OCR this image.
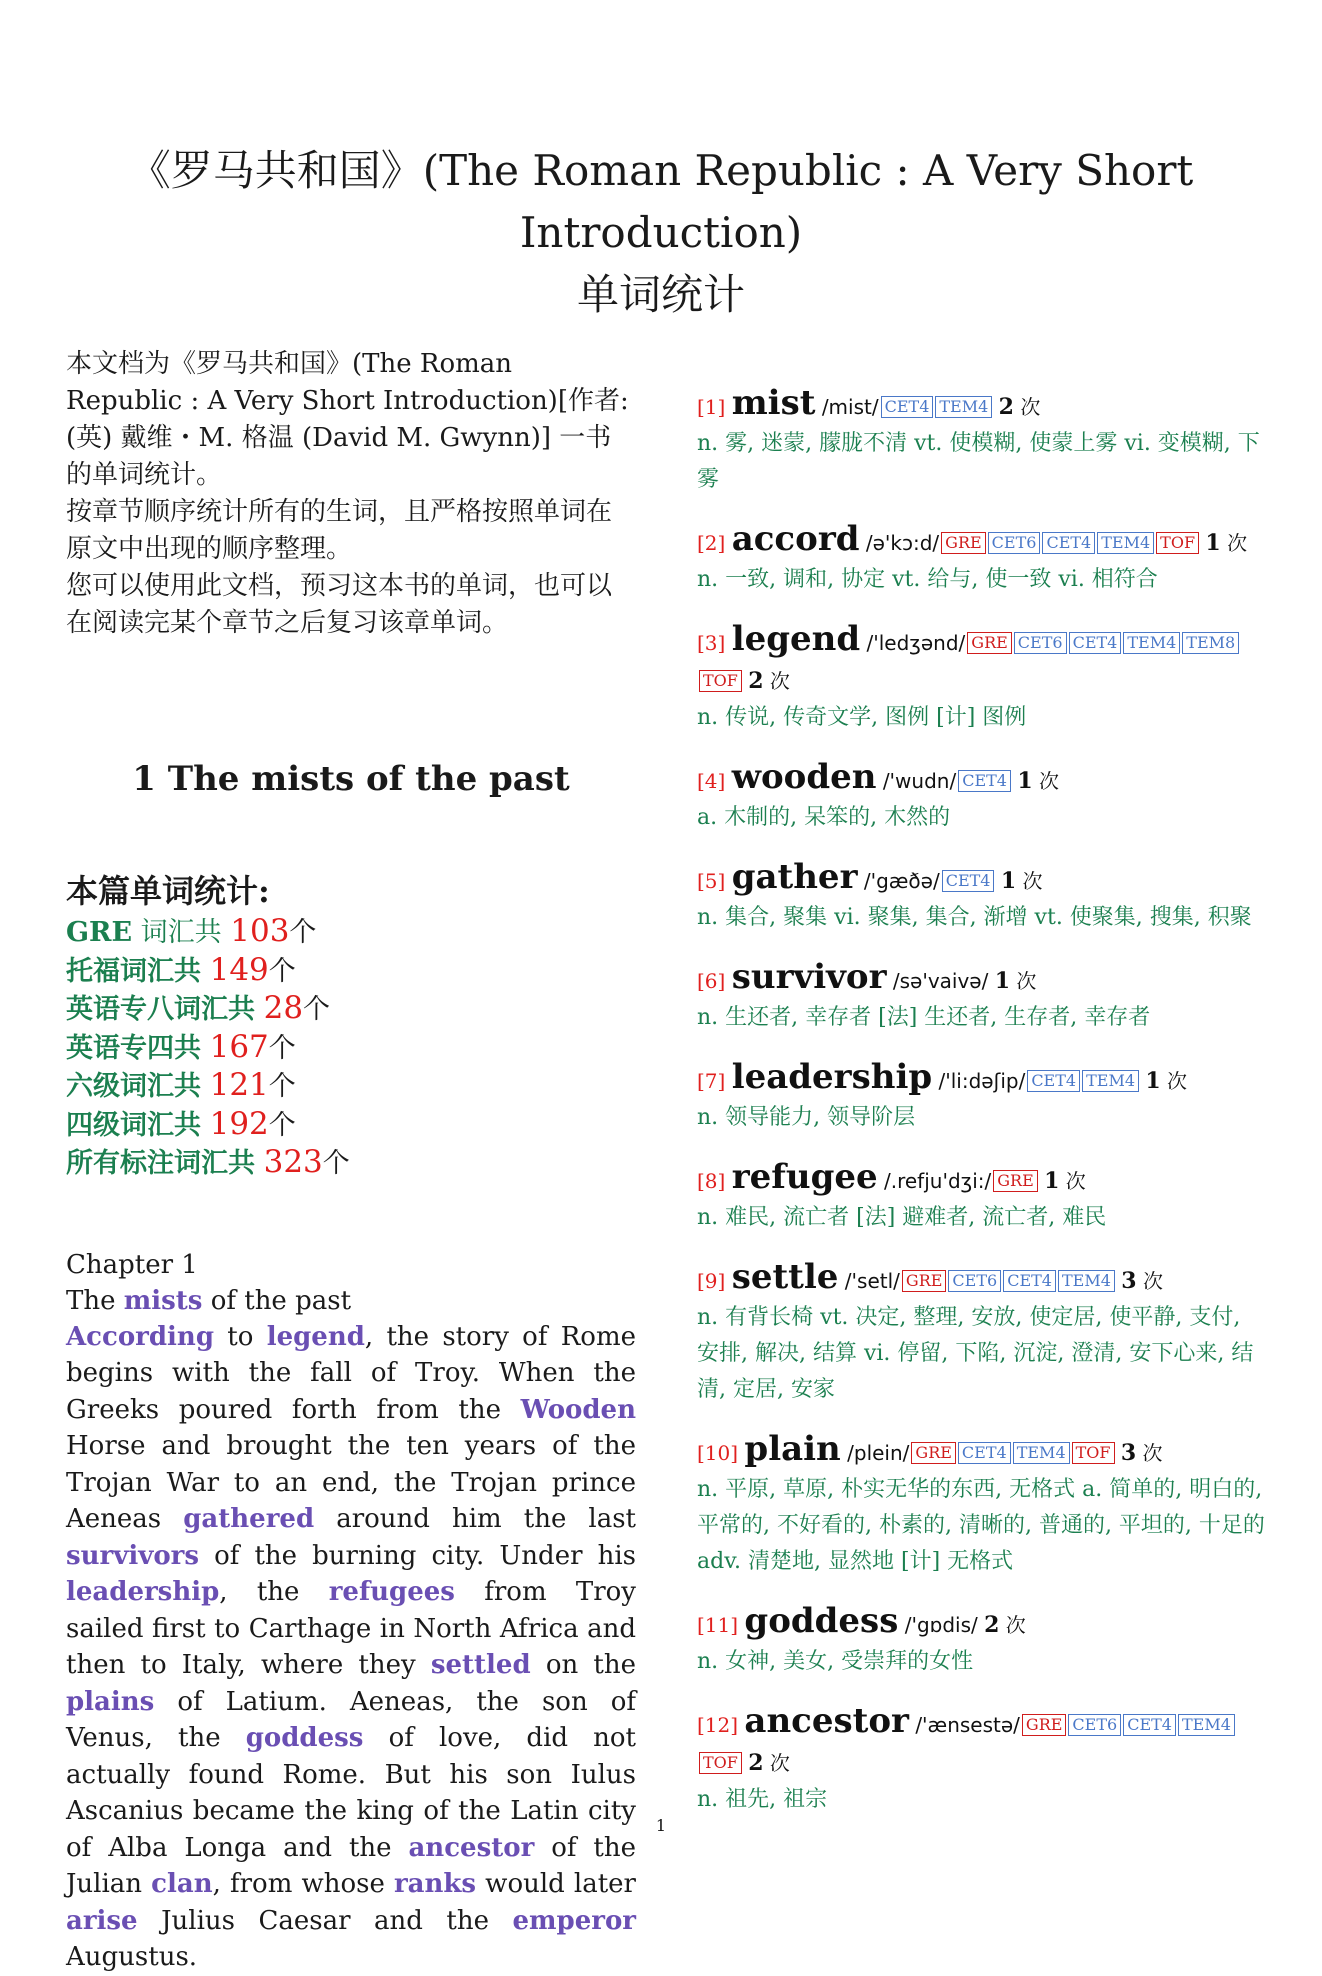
《罗马共和国》(The Roman Republic : A Very Short Introduction)
单词统计

本文档为《罗马共和国》(The Roman Republic : A Very Short Introduction)[作者: (英) 戴维・M. 格温 (David M. Gwynn)] 一书的单词统计。

按章节顺序统计所有的生词，且严格按照单词在原文中出现的顺序整理。

您可以使用此文档，预习这本书的单词，也可以在阅读完某个章节之后复习该章单词。

1 The mists of the past
本篇单词统计:
GRE 词汇共 103个
托福词汇共 149个
英语专八词汇共 28个
英语专四共 167个
六级词汇共 121个
四级词汇共 192个
所有标注词汇共 323个
Chapter 1
The mists of the past

According to legend, the story of Rome begins with the fall of Troy. When the Greeks poured forth from the Wooden Horse and brought the ten years of the Trojan War to an end, the Trojan prince Aeneas gathered around him the last survivors of the burning city. Under his leadership, the refugees from Troy sailed first to Carthage in North Africa and then to Italy, where they settled on the plains of Latium. Aeneas, the son of Venus, the goddess of love, did not actually found Rome. But his son Iulus Ascanius became the king of the Latin city of Alba Longa and the ancestor of the Julian clan, from whose ranks would later arise Julius Caesar and the emperor Augustus.

[1] mist /mist/ CET4 TEM4 2 次
n. 雾, 迷蒙, 朦胧不清 vt. 使模糊, 使蒙上雾 vi. 变模糊, 下雾
[2] accord /ə'kɔ:d/ GRE CET6 CET4 TEM4 TOF 1 次
n. 一致, 调和, 协定 vt. 给与, 使一致 vi. 相符合
[3] legend /'ledʒənd/ GRE CET6 CET4 TEM4 TEM8TOF 2 次
n. 传说, 传奇文学, 图例 [计] 图例
[4] wooden /'wudn/ CET4 1 次
a. 木制的, 呆笨的, 木然的
[5] gather /'gæðə/ CET4 1 次
n. 集合, 聚集 vi. 聚集, 集合, 渐增 vt. 使聚集, 搜集, 积聚
[6] survivor /sə'vaivə/ 1 次
n. 生还者, 幸存者 [法] 生还者, 生存者, 幸存者
[7] leadership /'li:dəʃip/ CET4 TEM4 1 次
n. 领导能力, 领导阶层
[8] refugee /.refju'dʒi:/ GRE 1 次
n. 难民, 流亡者 [法] 避难者, 流亡者, 难民
[9] settle /'setl/ GRE CET6 CET4 TEM4 3 次
n. 有背长椅 vt. 决定, 整理, 安放, 使定居, 使平静, 支付, 安排, 解决, 结算 vi. 停留, 下陷, 沉淀, 澄清, 安下心来, 结清, 定居, 安家
[10] plain /plein/ GRE CET4 TEM4 TOF 3 次
n. 平原, 草原, 朴实无华的东西, 无格式 a. 简单的, 明白的, 平常的, 不好看的, 朴素的, 清晰的, 普通的, 平坦的, 十足的 adv. 清楚地, 显然地 [计] 无格式
[11] goddess /'gɒdis/ 2 次
n. 女神, 美女, 受崇拜的女性
[12] ancestor /'ænsestə/ GRE CET6 CET4 TEM4TOF 2 次
n. 祖先, 祖宗
1
